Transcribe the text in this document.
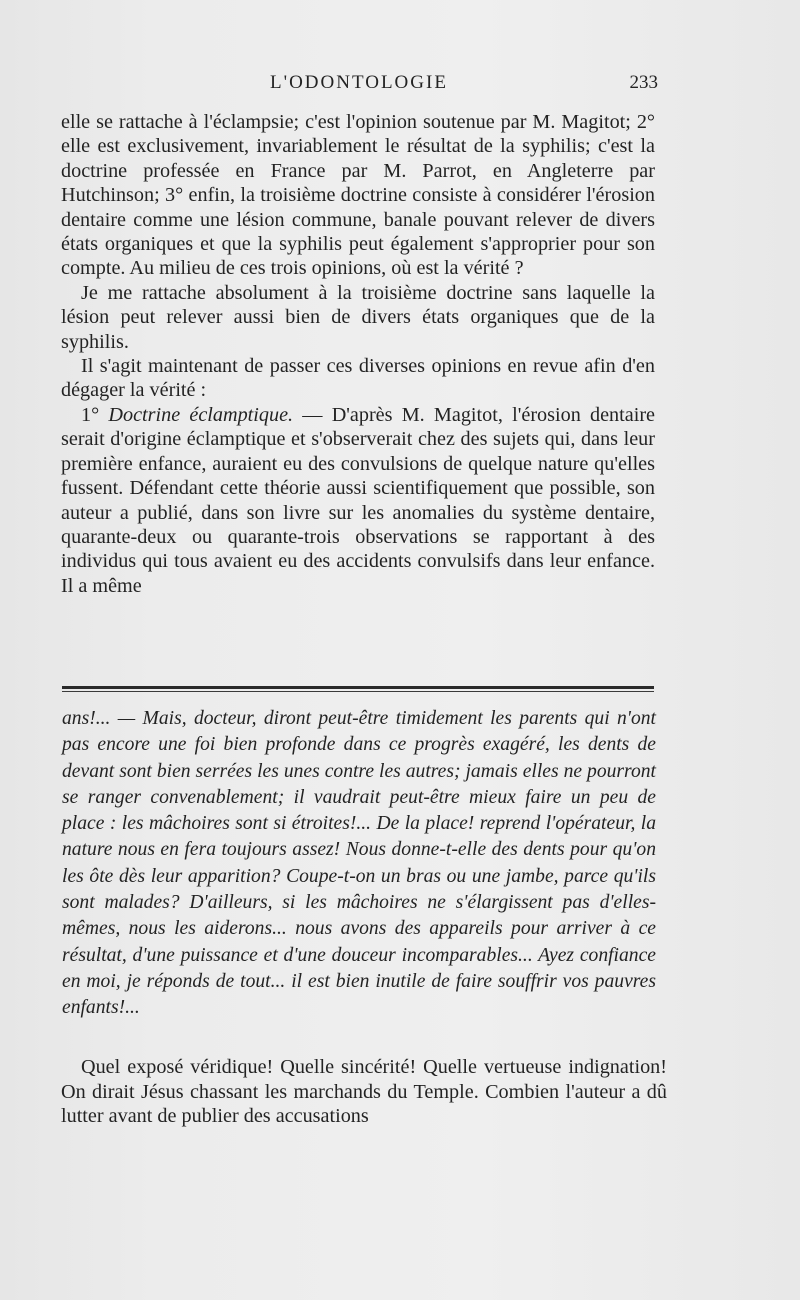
L'ODONTOLOGIE	233

elle se rattache à l'éclampsie; c'est l'opinion soutenue par M. Magitot; 2° elle est exclusivement, invariablement le résultat de la syphilis; c'est la doctrine professée en France par M. Parrot, en Angleterre par Hutchinson; 3° enfin, la troisième doctrine consiste à considérer l'érosion dentaire comme une lésion commune, banale pouvant relever de divers états organiques et que la syphilis peut également s'approprier pour son compte. Au milieu de ces trois opinions, où est la vérité ?

Je me rattache absolument à la troisième doctrine sans laquelle la lésion peut relever aussi bien de divers états organiques que de la syphilis.

Il s'agit maintenant de passer ces diverses opinions en revue afin d'en dégager la vérité :

1° Doctrine éclamptique. — D'après M. Magitot, l'érosion dentaire serait d'origine éclamptique et s'observerait chez des sujets qui, dans leur première enfance, auraient eu des convulsions de quelque nature qu'elles fussent. Défendant cette théorie aussi scientifiquement que possible, son auteur a publié, dans son livre sur les anomalies du système dentaire, quarante-deux ou quarante-trois observations se rapportant à des individus qui tous avaient eu des accidents convulsifs dans leur enfance. Il a même

ans!... — Mais, docteur, diront peut-être timidement les parents qui n'ont pas encore une foi bien profonde dans ce progrès exagéré, les dents de devant sont bien serrées les unes contre les autres; jamais elles ne pourront se ranger convenablement; il vaudrait peut-être mieux faire un peu de place : les mâchoires sont si étroites!... De la place! reprend l'opérateur, la nature nous en fera toujours assez! Nous donne-t-elle des dents pour qu'on les ôte dès leur apparition? Coupe-t-on un bras ou une jambe, parce qu'ils sont malades? D'ailleurs, si les mâchoires ne s'élargissent pas d'elles-mêmes, nous les aiderons... nous avons des appareils pour arriver à ce résultat, d'une puissance et d'une douceur incomparables... Ayez confiance en moi, je réponds de tout... il est bien inutile de faire souffrir vos pauvres enfants!...

Quel exposé véridique! Quelle sincérité! Quelle vertueuse indignation! On dirait Jésus chassant les marchands du Temple. Combien l'auteur a dû lutter avant de publier des accusations
